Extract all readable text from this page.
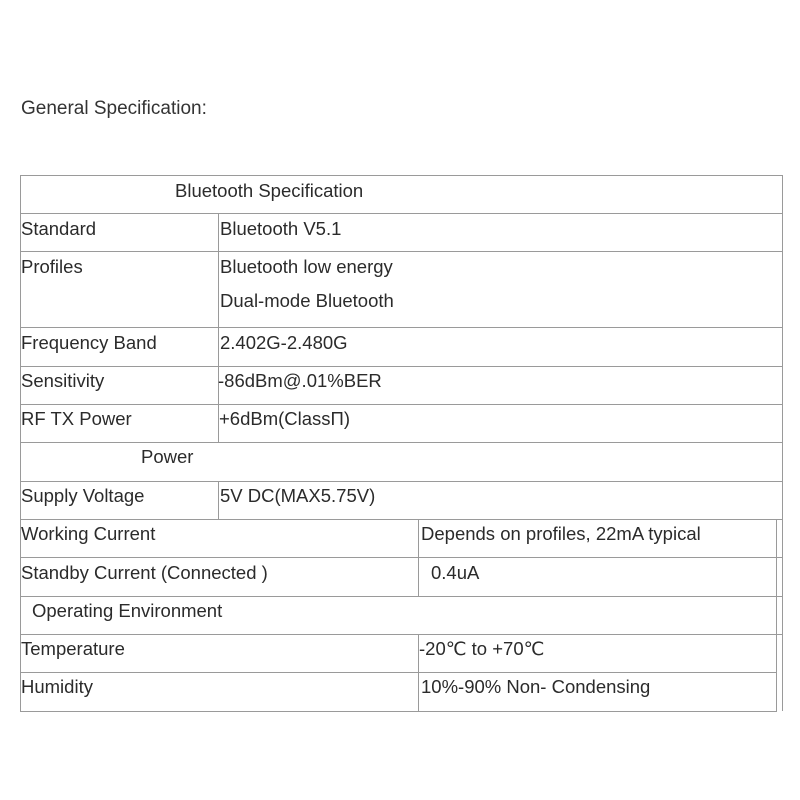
General Specification:
Bluetooth Specification
Standard	Bluetooth V5.1
Profiles	Bluetooth low energy
Dual-mode Bluetooth
Frequency Band	2.402G-2.480G
Sensitivity	-86dBm@.01%BER
RF TX Power	+6dBm(ClassΠ)
Power
Supply Voltage	5V DC(MAX5.75V)
Working Current	Depends on profiles, 22mA typical
Standby Current (Connected )	0.4uA
Operating Environment
Temperature	-20℃ to +70℃
Humidity	10%-90% Non- Condensing
